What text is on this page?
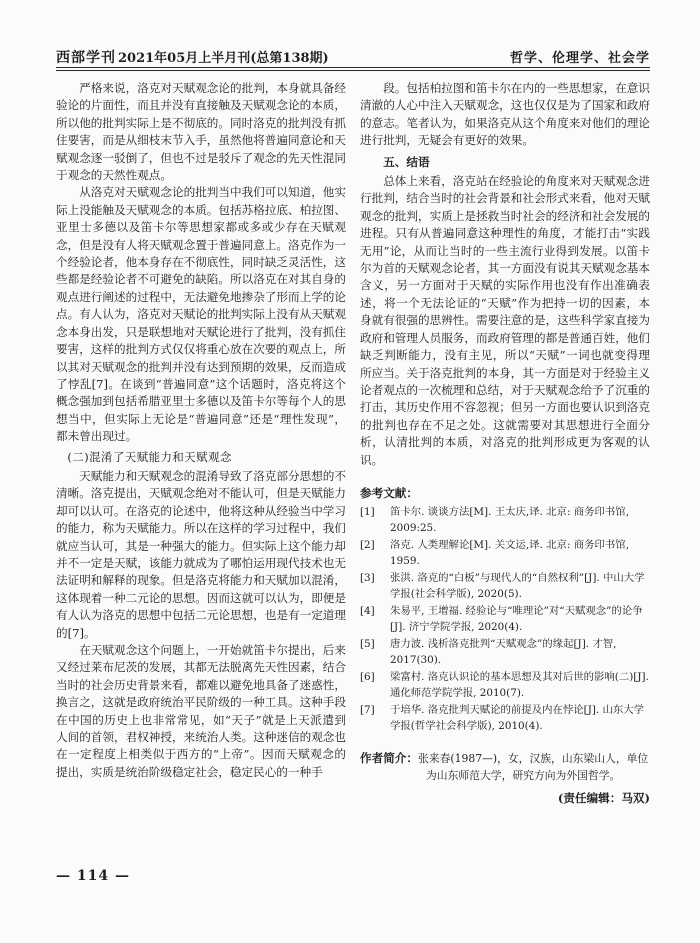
西部学刊 2021年05月上半月刊(总第138期)	哲学、伦理学、社会学

严格来说，洛克对天赋观念论的批判，本身就具备经验论的片面性，而且并没有直接触及天赋观念论的本质，所以他的批判实际上是不彻底的。同时洛克的批判没有抓住要害，而是从细枝末节入手，虽然他将普遍同意论和天赋观念逐一驳倒了，但也不过是驳斥了观念的先天性混同于观念的天然性观点。

从洛克对天赋观念论的批判当中我们可以知道，他实际上没能触及天赋观念的本质。包括苏格拉底、柏拉图、亚里士多德以及笛卡尔等思想家都或多或少存在天赋观念，但是没有人将天赋观念置于普遍同意上。洛克作为一个经验论者，他本身存在不彻底性，同时缺乏灵活性，这些都是经验论者不可避免的缺陷。所以洛克在对其自身的观点进行阐述的过程中，无法避免地掺杂了形而上学的论点。有人认为，洛克对天赋论的批判实际上没有从天赋观念本身出发，只是联想地对天赋论进行了批判，没有抓住要害，这样的批判方式仅仅将重心放在次要的观点上，所以其对天赋观念的批判并没有达到预期的效果，反而造成了悖乱[7]。在谈到“普遍同意”这个话题时，洛克将这个概念强加到包括希腊亚里士多德以及笛卡尔等每个人的思想当中，但实际上无论是“普遍同意”还是“理性发现”，都未曾出现过。

(二)混淆了天赋能力和天赋观念

天赋能力和天赋观念的混淆导致了洛克部分思想的不清晰。洛克提出，天赋观念绝对不能认可，但是天赋能力却可以认可。在洛克的论述中，他将这种从经验当中学习的能力，称为天赋能力。所以在这样的学习过程中，我们就应当认可，其是一种强大的能力。但实际上这个能力却并不一定是天赋，该能力就成为了哪怕运用现代技术也无法证明和解释的现象。但是洛克将能力和天赋加以混淆，这体现着一种二元论的思想。因而这就可以认为，即便是有人认为洛克的思想中包括二元论思想，也是有一定道理的[7]。

在天赋观念这个问题上，一开始就笛卡尔提出，后来又经过莱布尼茨的发展，其都无法脱离先天性因素，结合当时的社会历史背景来看，都难以避免地具备了迷惑性，换言之，这就是政府统治平民阶级的一种工具。这种手段在中国的历史上也非常常见，如“天子”就是上天派遣到人间的首领，君权神授，来统治人类。这种迷信的观念也在一定程度上相类似于西方的“上帝”。因而天赋观念的提出，实质是统治阶级稳定社会，稳定民心的一种手

段。包括柏拉图和笛卡尔在内的一些思想家，在意识清澈的人心中注入天赋观念，这也仅仅是为了国家和政府的意志。笔者认为，如果洛克从这个角度来对他们的理论进行批判，无疑会有更好的效果。

五、结语

总体上来看，洛克站在经验论的角度来对天赋观念进行批判，结合当时的社会背景和社会形式来看，他对天赋观念的批判，实质上是拯救当时社会的经济和社会发展的进程。只有从普遍同意这种理性的角度，才能打击“实践无用”论，从而让当时的一些主流行业得到发展。以笛卡尔为首的天赋观念论者，其一方面没有说其天赋观念基本含义，另一方面对于天赋的实际作用也没有作出准确表述，将一个无法论证的“天赋”作为把持一切的因素，本身就有很强的思辨性。需要注意的是，这些科学家直接为政府和管理人员服务，而政府管理的都是普通百姓，他们缺乏判断能力，没有主见，所以“天赋”一词也就变得理所应当。关于洛克批判的本身，其一方面是对于经验主义论者观点的一次梳理和总结，对于天赋观念给予了沉重的打击，其历史作用不容忽视；但另一方面也要认识到洛克的批判也存在不足之处。这就需要对其思想进行全面分析，认清批判的本质，对洛克的批判形成更为客观的认识。

参考文献：
[1] 笛卡尔. 谈谈方法[M]. 王太庆,译. 北京: 商务印书馆, 2009:25.
[2] 洛克. 人类理解论[M]. 关文运,译. 北京: 商务印书馆, 1959.
[3] 张洪. 洛克的“白板”与现代人的“自然权利”[J]. 中山大学学报(社会科学版), 2020(5).
[4] 朱易平, 王增福. 经验论与“唯理论”对“天赋观念”的论争[J]. 济宁学院学报, 2020(4).
[5] 唐力波. 浅析洛克批判“天赋观念”的缘起[J]. 才智, 2017(30).
[6] 梁富村. 洛克认识论的基本思想及其对后世的影响(二)[J]. 通化师范学院学报, 2010(7).
[7] 于培华. 洛克批判天赋论的前提及内在悖论[J]. 山东大学学报(哲学社会科学版), 2010(4).
作者简介：张来春(1987—)，女，汉族，山东梁山人，单位为山东师范大学，研究方向为外国哲学。
(责任编辑：马双)
— 114 —
